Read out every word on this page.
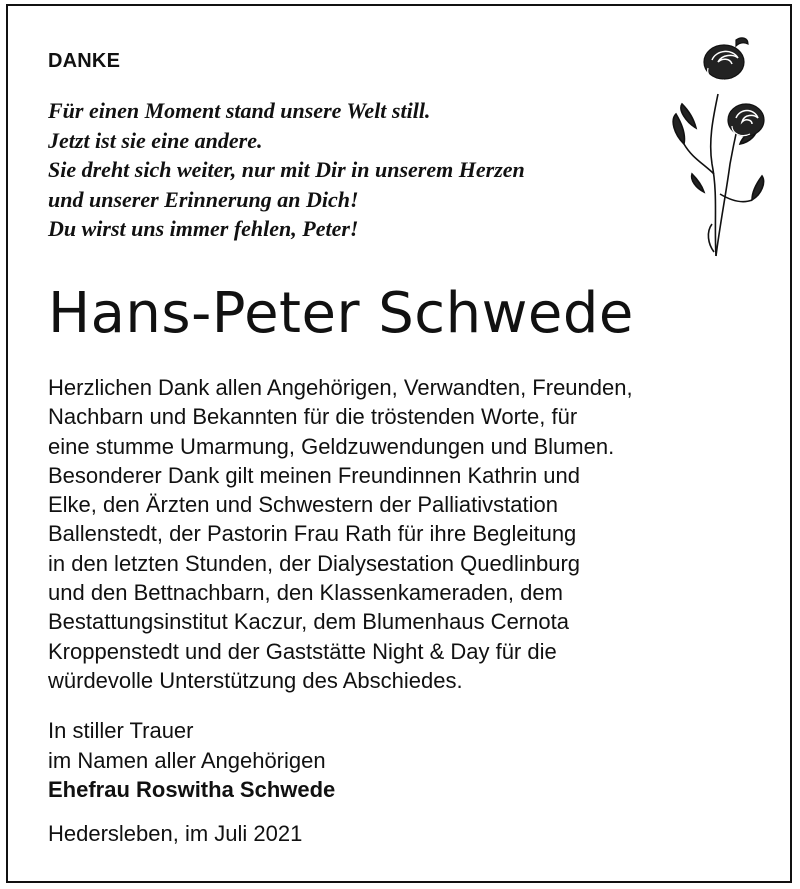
DANKE
Für einen Moment stand unsere Welt still.
Jetzt ist sie eine andere.
Sie dreht sich weiter, nur mit Dir in unserem Herzen
und unserer Erinnerung an Dich!
Du wirst uns immer fehlen, Peter!
Hans-Peter Schwede
Herzlichen Dank allen Angehörigen, Verwandten, Freunden,
Nachbarn und Bekannten für die tröstenden Worte, für
eine stumme Umarmung, Geldzuwendungen und Blumen.
Besonderer Dank gilt meinen Freundinnen Kathrin und
Elke, den Ärzten und Schwestern der Palliativstation
Ballenstedt, der Pastorin Frau Rath für ihre Begleitung
in den letzten Stunden, der Dialysestation Quedlinburg
und den Bettnachbarn, den Klassenkameraden, dem
Bestattungsinstitut Kaczur, dem Blumenhaus Cernota
Kroppenstedt und der Gaststätte Night & Day für die
würdevolle Unterstützung des Abschiedes.
In stiller Trauer
im Namen aller Angehörigen
Ehefrau Roswitha Schwede
Hedersleben, im Juli 2021
